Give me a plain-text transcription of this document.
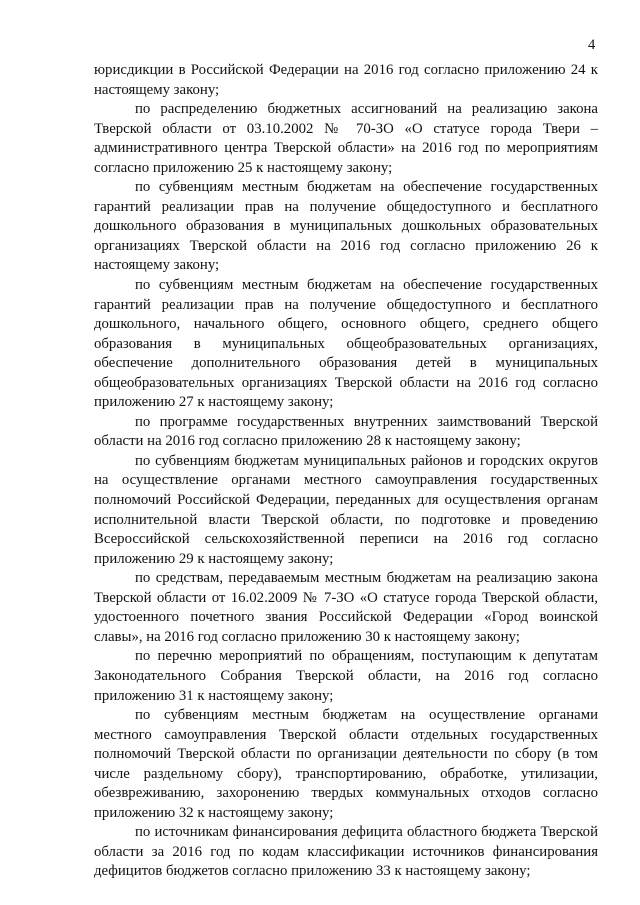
4

юрисдикции в Российской Федерации на 2016 год согласно приложению 24 к настоящему закону;

по распределению бюджетных ассигнований на реализацию закона Тверской области от 03.10.2002 № 70-ЗО «О статусе города Твери – административного центра Тверской области» на 2016 год по мероприятиям согласно приложению 25 к настоящему закону;

по субвенциям местным бюджетам на обеспечение государственных гарантий реализации прав на получение общедоступного и бесплатного дошкольного образования в муниципальных дошкольных образовательных организациях Тверской области на 2016 год согласно приложению 26 к настоящему закону;

по субвенциям местным бюджетам на обеспечение государственных гарантий реализации прав на получение общедоступного и бесплатного дошкольного, начального общего, основного общего, среднего общего образования в муниципальных общеобразовательных организациях, обеспечение дополнительного образования детей в муниципальных общеобразовательных организациях Тверской области на 2016 год согласно приложению 27 к настоящему закону;

по программе государственных внутренних заимствований Тверской области на 2016 год согласно приложению 28 к настоящему закону;

по субвенциям бюджетам муниципальных районов и городских округов на осуществление органами местного самоуправления государственных полномочий Российской Федерации, переданных для осуществления органам исполнительной власти Тверской области, по подготовке и проведению Всероссийской сельскохозяйственной переписи на 2016 год согласно приложению 29 к настоящему закону;

по средствам, передаваемым местным бюджетам на реализацию закона Тверской области от 16.02.2009 № 7-ЗО «О статусе города Тверской области, удостоенного почетного звания Российской Федерации «Город воинской славы», на 2016 год согласно приложению 30 к настоящему закону;

по перечню мероприятий по обращениям, поступающим к депутатам Законодательного Собрания Тверской области, на 2016 год согласно приложению 31 к настоящему закону;

по субвенциям местным бюджетам на осуществление органами местного самоуправления Тверской области отдельных государственных полномочий Тверской области по организации деятельности по сбору (в том числе раздельному сбору), транспортированию, обработке, утилизации, обезвреживанию, захоронению твердых коммунальных отходов согласно приложению 32 к настоящему закону;

по источникам финансирования дефицита областного бюджета Тверской области за 2016 год по кодам классификации источников финансирования дефицитов бюджетов согласно приложению 33 к настоящему закону;
